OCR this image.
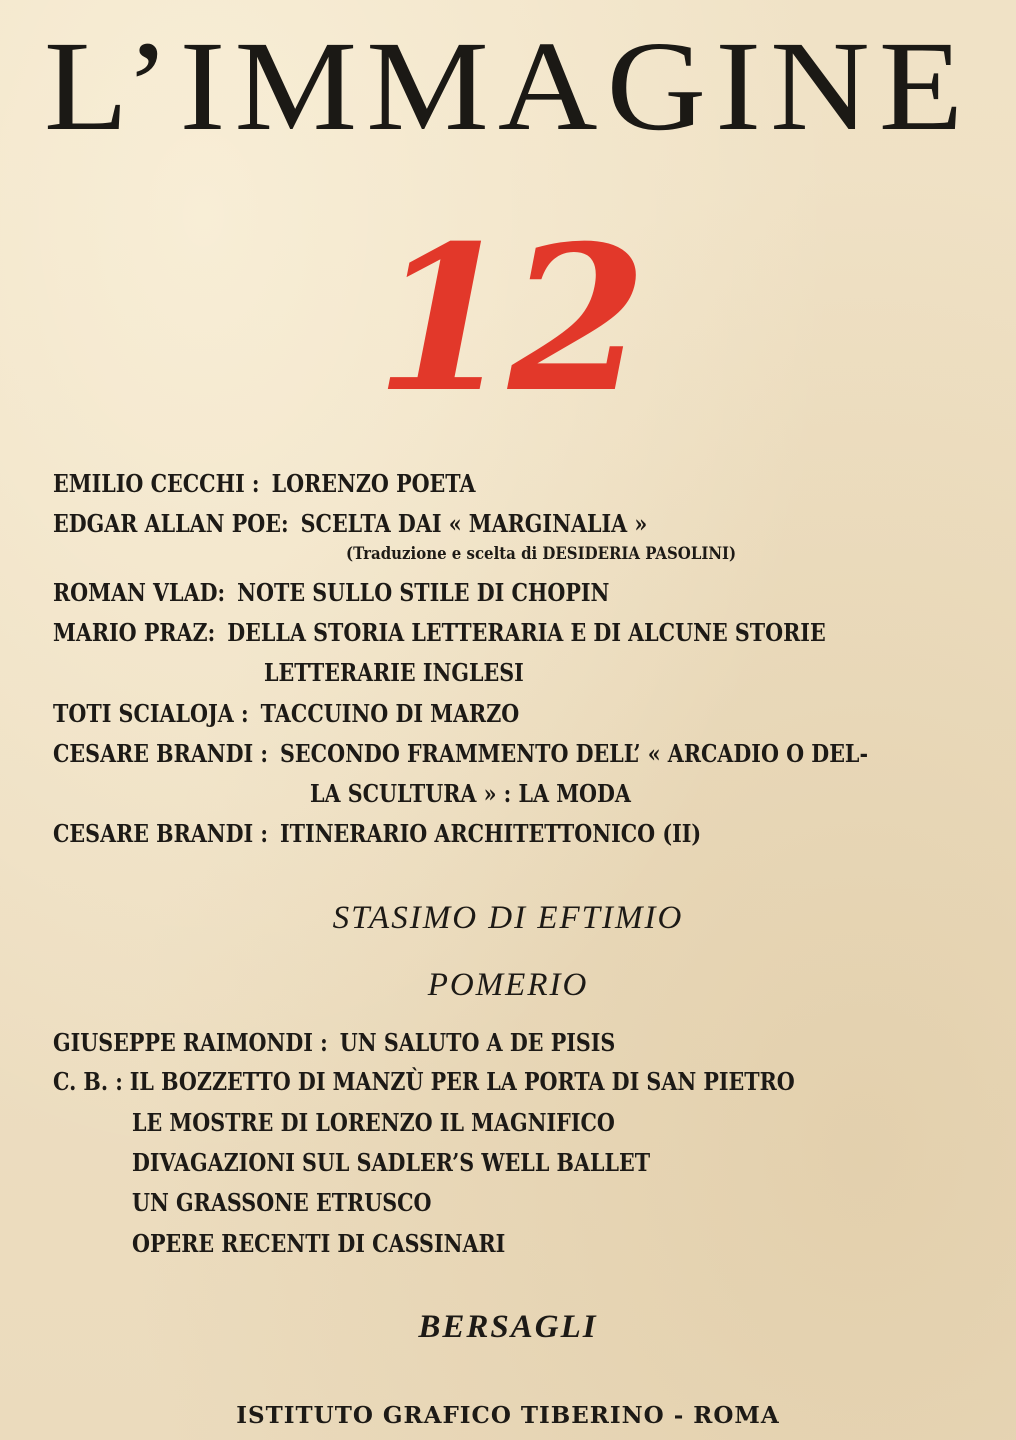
L’IMMAGINE
12
EMILIO CECCHI : LORENZO POETA
EDGAR ALLAN POE: SCELTA DAI « MARGINALIA »
(Traduzione e scelta di DESIDERIA PASOLINI)
ROMAN VLAD: NOTE SULLO STILE DI CHOPIN
MARIO PRAZ: DELLA STORIA LETTERARIA E DI ALCUNE STORIE
LETTERARIE INGLESI
TOTI SCIALOJA : TACCUINO DI MARZO
CESARE BRANDI : SECONDO FRAMMENTO DELL’ « ARCADIO O DEL-
LA SCULTURA » : LA MODA
CESARE BRANDI : ITINERARIO ARCHITETTONICO (II)
STASIMO DI EFTIMIO
POMERIO
GIUSEPPE RAIMONDI : UN SALUTO A DE PISIS
C. B. : IL BOZZETTO DI MANZÙ PER LA PORTA DI SAN PIETRO
LE MOSTRE DI LORENZO IL MAGNIFICO
DIVAGAZIONI SUL SADLER’S WELL BALLET
UN GRASSONE ETRUSCO
OPERE RECENTI DI CASSINARI
BERSAGLI
ISTITUTO GRAFICO TIBERINO - ROMA
